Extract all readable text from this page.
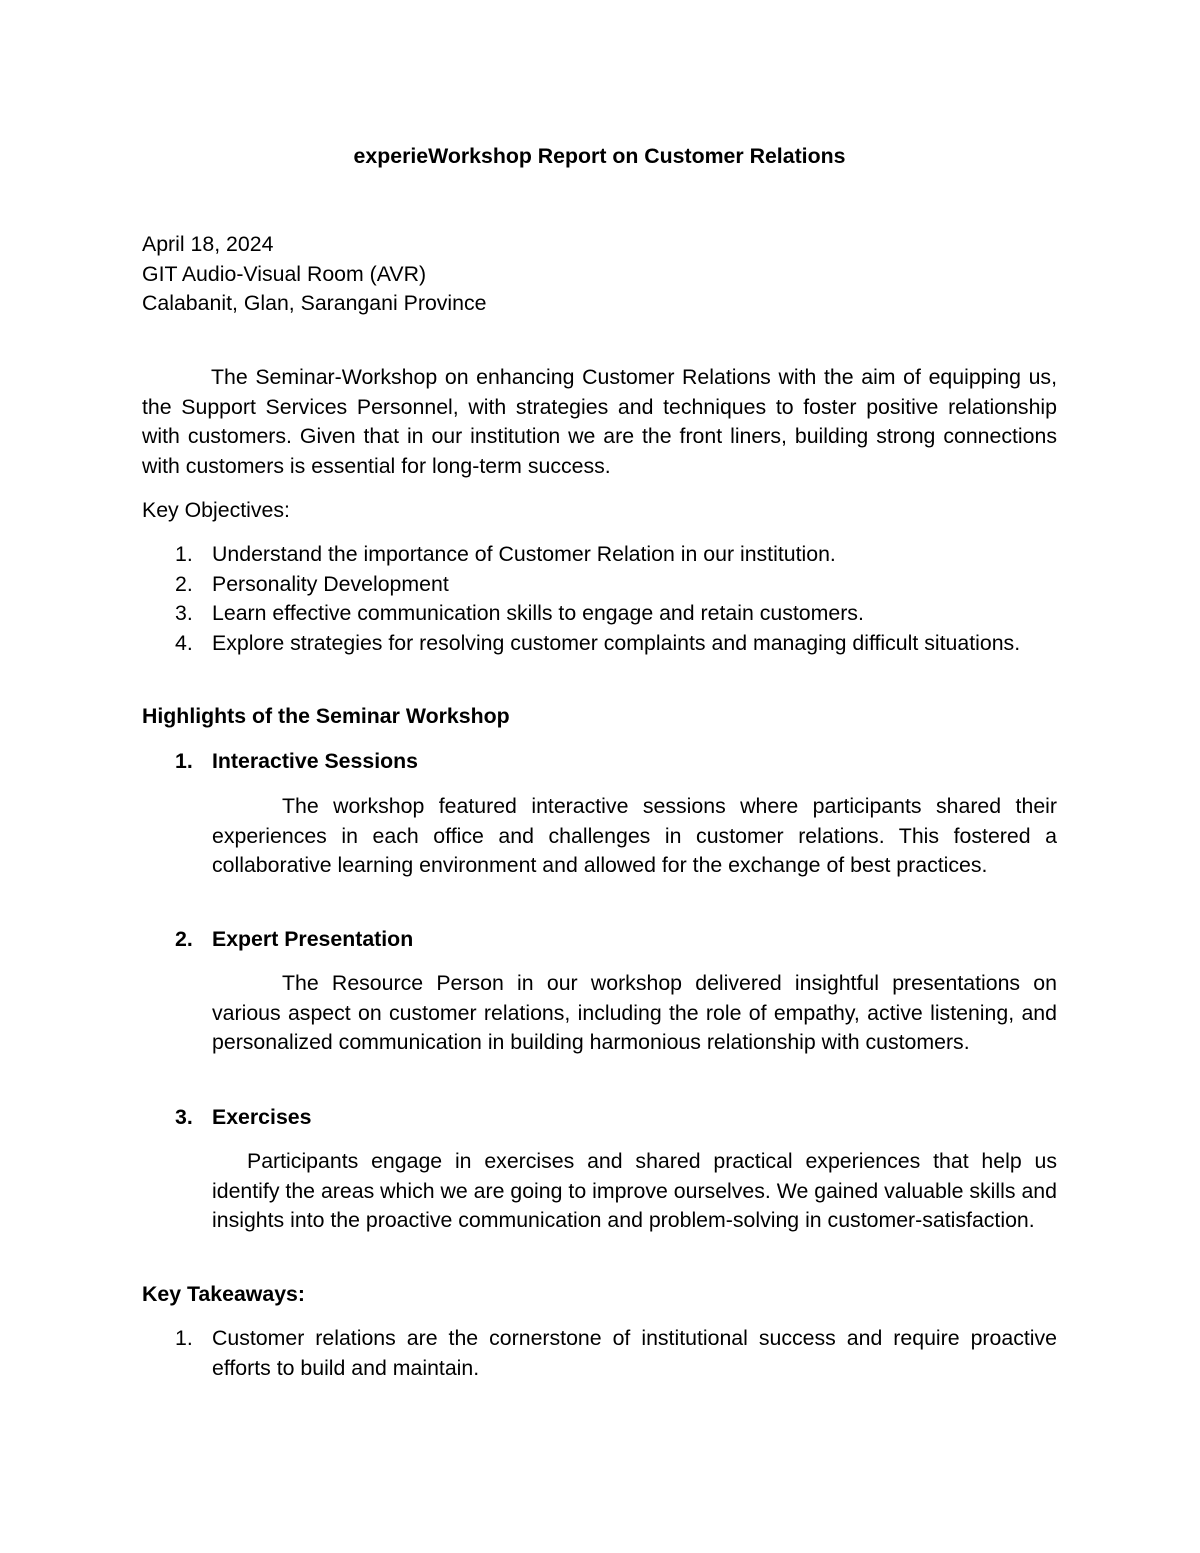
experieWorkshop Report on Customer Relations
April 18, 2024
GIT Audio-Visual Room (AVR)
Calabanit, Glan, Sarangani Province

The Seminar-Workshop on enhancing Customer Relations with the aim of equipping us, the Support Services Personnel, with strategies and techniques to foster positive relationship with customers. Given that in our institution we are the front liners, building strong connections with customers is essential for long-term success.

Key Objectives:

1. Understand the importance of Customer Relation in our institution.
2. Personality Development
3. Learn effective communication skills to engage and retain customers.
4. Explore strategies for resolving customer complaints and managing difficult situations.

Highlights of the Seminar Workshop

1. Interactive Sessions

The workshop featured interactive sessions where participants shared their experiences in each office and challenges in customer relations. This fostered a collaborative learning environment and allowed for the exchange of best practices.

2. Expert Presentation

The Resource Person in our workshop delivered insightful presentations on various aspect on customer relations, including the role of empathy, active listening, and personalized communication in building harmonious relationship with customers.

3. Exercises

Participants engage in exercises and shared practical experiences that help us identify the areas which we are going to improve ourselves. We gained valuable skills and insights into the proactive communication and problem-solving in customer-satisfaction.

Key Takeaways:

1. Customer relations are the cornerstone of institutional success and require proactive efforts to build and maintain.
